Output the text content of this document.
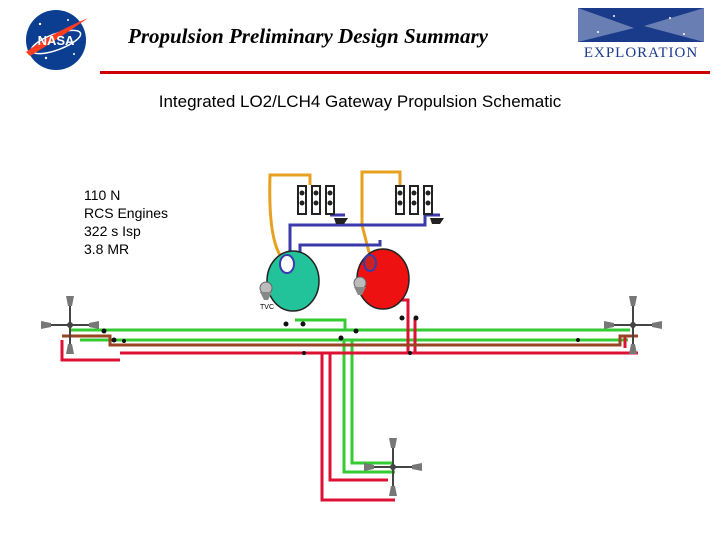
NASA	Propulsion Preliminary Design Summary
EXPLORATION
Integrated LO2/LCH4 Gateway Propulsion Schematic
110 N
RCS Engines
322 s Isp
3.8 MR
TVC
